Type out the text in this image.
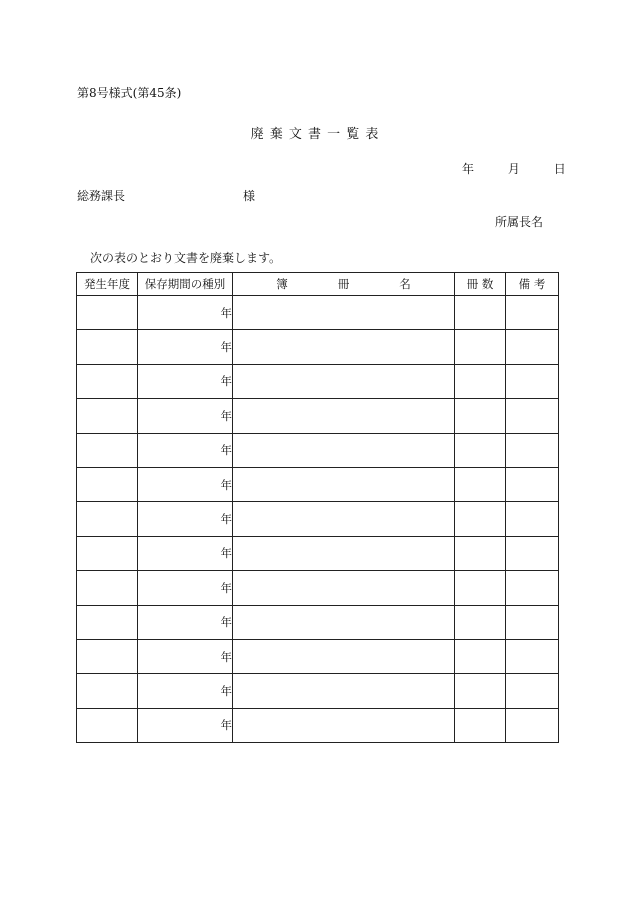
第8号様式(第45条)
廃 棄 文 書 一 覧 表
年	月	日
総務課長	様
所属長名
次の表のとおり文書を廃棄します。
発生年度	保存期間の種別	簿 冊 名	冊 数	備 考
	年			
	年			
	年			
	年			
	年			
	年			
	年			
	年			
	年			
	年			
	年			
	年			
	年			
